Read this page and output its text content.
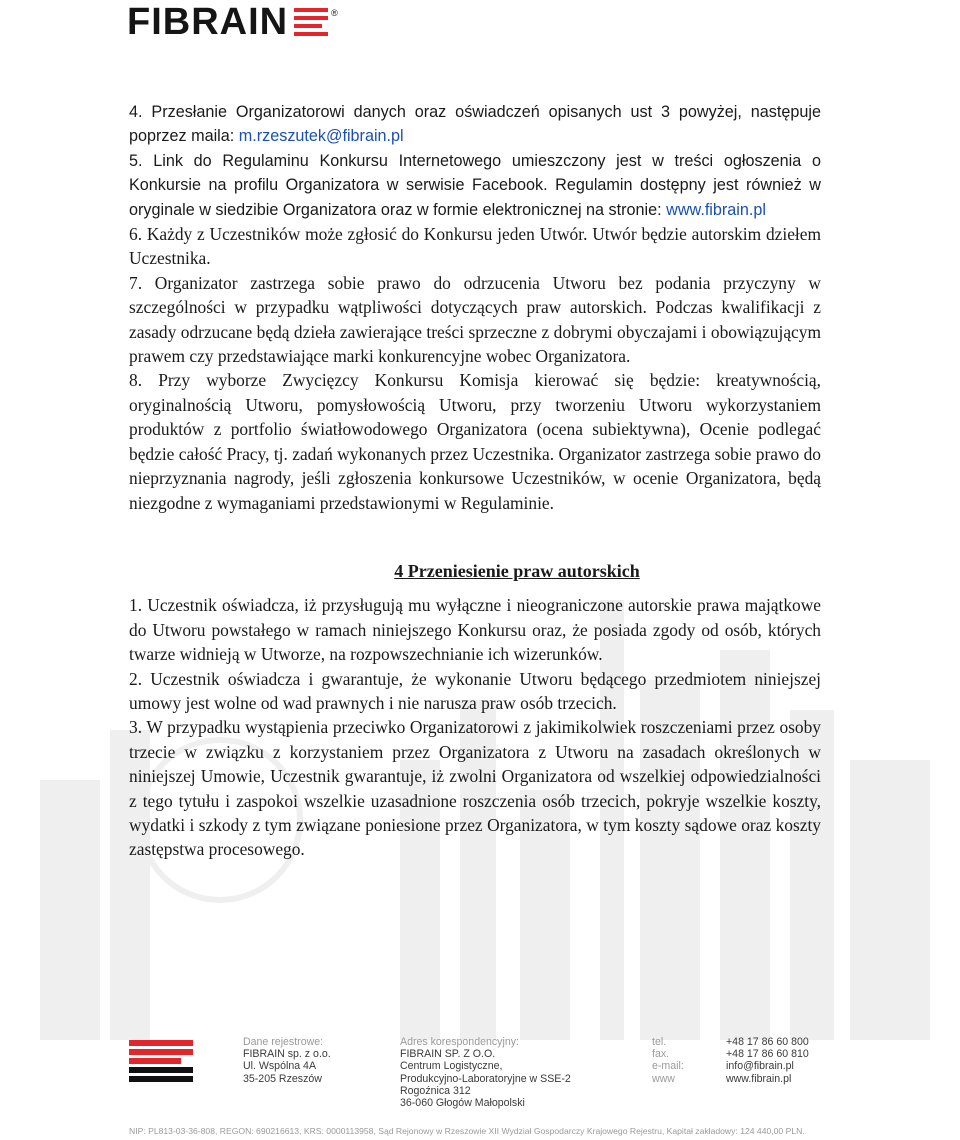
FIBRAIN	®

4. Przesłanie Organizatorowi danych oraz oświadczeń opisanych ust 3 powyżej, następuje poprzez maila: m.rzeszutek@fibrain.pl

5. Link do Regulaminu Konkursu Internetowego umieszczony jest w treści ogłoszenia o Konkursie na profilu Organizatora w serwisie Facebook. Regulamin dostępny jest również w oryginale w siedzibie Organizatora oraz w formie elektronicznej na stronie: www.fibrain.pl

6. Każdy z Uczestników może zgłosić do Konkursu jeden Utwór. Utwór będzie autorskim dziełem Uczestnika.

7. Organizator zastrzega sobie prawo do odrzucenia Utworu bez podania przyczyny w szczególności w przypadku wątpliwości dotyczących praw autorskich. Podczas kwalifikacji z zasady odrzucane będą dzieła zawierające treści sprzeczne z dobrymi obyczajami i obowiązującym prawem czy przedstawiające marki konkurencyjne wobec Organizatora.

8. Przy wyborze Zwycięzcy Konkursu Komisja kierować się będzie: kreatywnością, oryginalnością Utworu, pomysłowością Utworu, przy tworzeniu Utworu wykorzystaniem produktów z portfolio światłowodowego Organizatora (ocena subiektywna), Ocenie podlegać będzie całość Pracy, tj. zadań wykonanych przez Uczestnika. Organizator zastrzega sobie prawo do nieprzyznania nagrody, jeśli zgłoszenia konkursowe Uczestników, w ocenie Organizatora, będą niezgodne z wymaganiami przedstawionymi w Regulaminie.

4 Przeniesienie praw autorskich

1. Uczestnik oświadcza, iż przysługują mu wyłączne i nieograniczone autorskie prawa majątkowe do Utworu powstałego w ramach niniejszego Konkursu oraz, że posiada zgody od osób, których twarze widnieją w Utworze, na rozpowszechnianie ich wizerunków.

2. Uczestnik oświadcza i gwarantuje, że wykonanie Utworu będącego przedmiotem niniejszej umowy jest wolne od wad prawnych i nie narusza praw osób trzecich.

3. W przypadku wystąpienia przeciwko Organizatorowi z jakimikolwiek roszczeniami przez osoby trzecie w związku z korzystaniem przez Organizatora z Utworu na zasadach określonych w niniejszej Umowie, Uczestnik gwarantuje, iż zwolni Organizatora od wszelkiej odpowiedzialności z tego tytułu i zaspokoi wszelkie uzasadnione roszczenia osób trzecich, pokryje wszelkie koszty, wydatki i szkody z tym związane poniesione przez Organizatora, w tym koszty sądowe oraz koszty zastępstwa procesowego.

Dane rejestrowe:
FIBRAIN sp. z o.o.
Ul. Wspólna 4A
35-205 Rzeszów
Adres korespondencyjny:
FIBRAIN SP. Z O.O.
Centrum Logistyczne,
Produkcyjno-Laboratoryjne w SSE-2
Rogoźnica 312
36-060 Głogów Małopolski
tel.
fax.
e-mail:
www
+48 17 86 60 800
+48 17 86 60 810
info@fibrain.pl
www.fibrain.pl
NIP: PL813-03-36-808, REGON: 690216613, KRS: 0000113958, Sąd Rejonowy w Rzeszowie XII Wydział Gospodarczy Krajowego Rejestru, Kapitał zakładowy: 124 440,00 PLN.
